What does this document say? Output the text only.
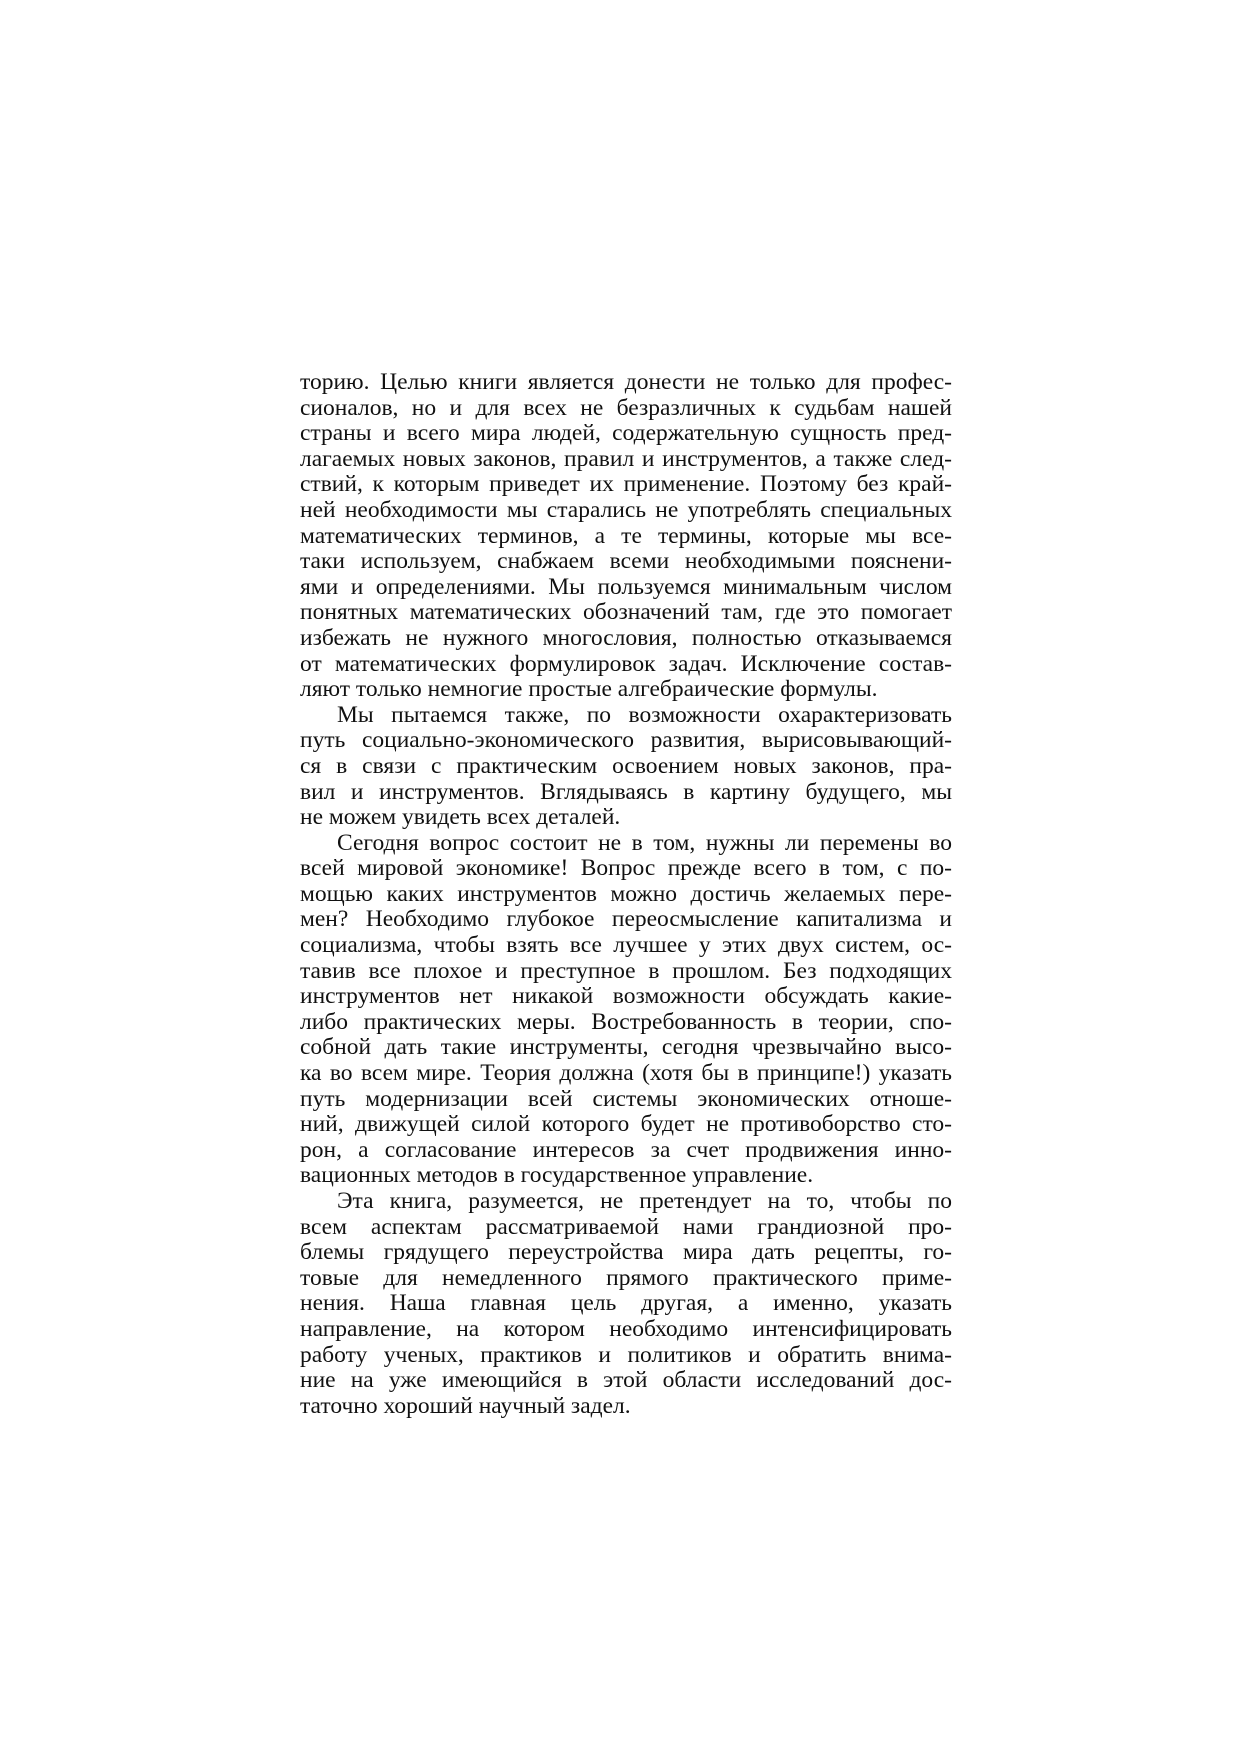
торию. Целью книги является донести не только для профес-
сионалов, но и для всех не безразличных к судьбам нашей
страны и всего мира людей, содержательную сущность пред-
лагаемых новых законов, правил и инструментов, а также след-
ствий, к которым приведет их применение. Поэтому без край-
ней необходимости мы старались не употреблять специальных
математических терминов, а те термины, которые мы все-
таки используем, снабжаем всеми необходимыми пояснени-
ями и определениями. Мы пользуемся минимальным числом
понятных математических обозначений там, где это помогает
избежать не нужного многословия, полностью отказываемся
от математических формулировок задач. Исключение состав-
ляют только немногие простые алгебраические формулы.
Мы пытаемся также, по возможности охарактеризовать
путь социально-экономического развития, вырисовывающий-
ся в связи с практическим освоением новых законов, пра-
вил и инструментов. Вглядываясь в картину будущего, мы
не можем увидеть всех деталей.
Сегодня вопрос состоит не в том, нужны ли перемены во
всей мировой экономике! Вопрос прежде всего в том, с по-
мощью каких инструментов можно достичь желаемых пере-
мен? Необходимо глубокое переосмысление капитализма и
социализма, чтобы взять все лучшее у этих двух систем, ос-
тавив все плохое и преступное в прошлом. Без подходящих
инструментов нет никакой возможности обсуждать какие-
либо практических меры. Востребованность в теории, спо-
собной дать такие инструменты, сегодня чрезвычайно высо-
ка во всем мире. Теория должна (хотя бы в принципе!) указать
путь модернизации всей системы экономических отноше-
ний, движущей силой которого будет не противоборство сто-
рон, а согласование интересов за счет продвижения инно-
вационных методов в государственное управление.
Эта книга, разумеется, не претендует на то, чтобы по
всем аспектам рассматриваемой нами грандиозной про-
блемы грядущего переустройства мира дать рецепты, го-
товые для немедленного прямого практического приме-
нения. Наша главная цель другая, а именно, указать
направление, на котором необходимо интенсифицировать
работу ученых, практиков и политиков и обратить внима-
ние на уже имеющийся в этой области исследований дос-
таточно хороший научный задел.
